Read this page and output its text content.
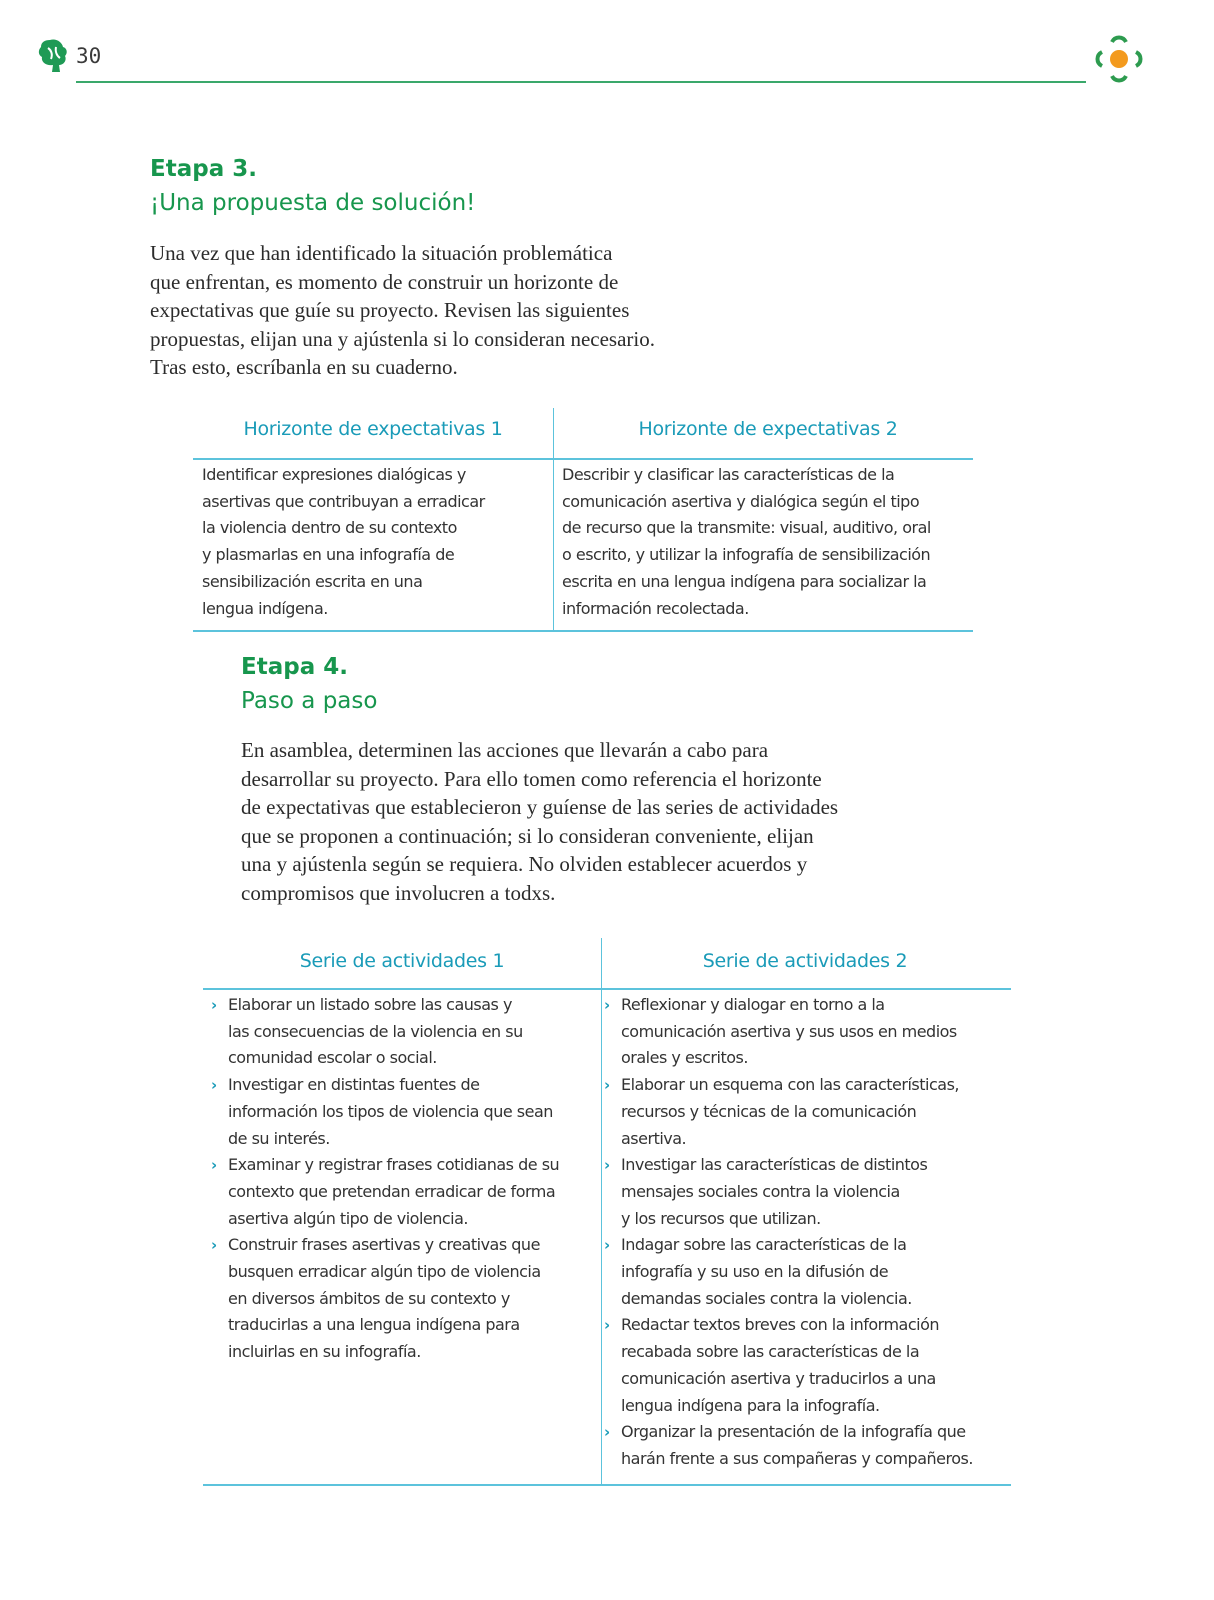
30
Etapa 3.
¡Una propuesta de solución!
Una vez que han identificado la situación problemática
que enfrentan, es momento de construir un horizonte de
expectativas que guíe su proyecto. Revisen las siguientes
propuestas, elijan una y ajústenla si lo consideran necesario.
Tras esto, escríbanla en su cuaderno.
Horizonte de expectativas 1	Horizonte de expectativas 2
Identificar expresiones dialógicas y
asertivas que contribuyan a erradicar
la violencia dentro de su contexto
y plasmarlas en una infografía de
sensibilización escrita en una
lengua indígena.
Describir y clasificar las características de la
comunicación asertiva y dialógica según el tipo
de recurso que la transmite: visual, auditivo, oral
o escrito, y utilizar la infografía de sensibilización
escrita en una lengua indígena para socializar la
información recolectada.
Etapa 4.
Paso a paso
En asamblea, determinen las acciones que llevarán a cabo para
desarrollar su proyecto. Para ello tomen como referencia el horizonte
de expectativas que establecieron y guíense de las series de actividades
que se proponen a continuación; si lo consideran conveniente, elijan
una y ajústenla según se requiera. No olviden establecer acuerdos y
compromisos que involucren a todxs.
Serie de actividades 1	Serie de actividades 2
› Elaborar un listado sobre las causas y
las consecuencias de la violencia en su
comunidad escolar o social.
› Investigar en distintas fuentes de
información los tipos de violencia que sean
de su interés.
› Examinar y registrar frases cotidianas de su
contexto que pretendan erradicar de forma
asertiva algún tipo de violencia.
› Construir frases asertivas y creativas que
busquen erradicar algún tipo de violencia
en diversos ámbitos de su contexto y
traducirlas a una lengua indígena para
incluirlas en su infografía.
› Reflexionar y dialogar en torno a la
comunicación asertiva y sus usos en medios
orales y escritos.
› Elaborar un esquema con las características,
recursos y técnicas de la comunicación
asertiva.
› Investigar las características de distintos
mensajes sociales contra la violencia
y los recursos que utilizan.
› Indagar sobre las características de la
infografía y su uso en la difusión de
demandas sociales contra la violencia.
› Redactar textos breves con la información
recabada sobre las características de la
comunicación asertiva y traducirlos a una
lengua indígena para la infografía.
› Organizar la presentación de la infografía que
harán frente a sus compañeras y compañeros.
